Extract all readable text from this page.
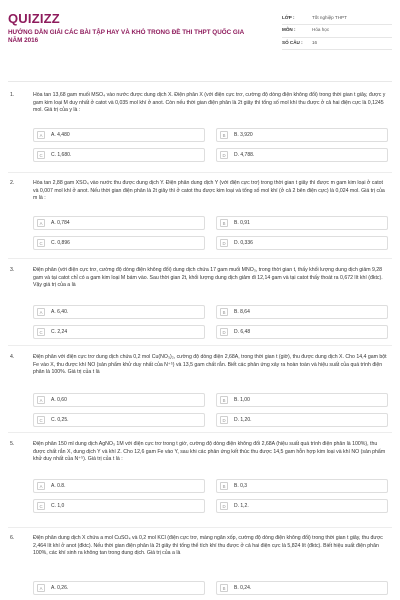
QUIZIZZ
HƯỚNG DẪN GIẢI CÁC BÀI TẬP HAY VÀ KHÓ TRONG ĐỀ THI THPT QUỐC GIA NĂM 2016
LỚP :	Tốt nghiệp THPT
MÔN :	Hóa học
SỐ CÂU :	16
1.	Hòa tan 13,68 gam muối MSO₄ vào nước được dung dịch X. Điện phân X (với điện cực trơ, cường độ dòng điện không đổi) trong thời gian t giây, được y gam kim loại M duy nhất ở catot và 0,035 mol khí ở anot. Còn nếu thời gian điện phân là 2t giây thì tổng số mol khí thu được ở cả hai điện cực là 0,1245 mol. Giá trị của y là :
A	A. 4,480	B	B. 3,920
C	C. 1,680.	D	D. 4,788.
2.	Hòa tan 2,88 gam XSO₄ vào nước thu được dung dịch Y. Điện phân dung dịch Y (với điện cực trơ) trong thời gian t giây thì được m gam kim loại ở catot và 0,007 mol khí ở anot. Nếu thời gian điện phân là 2t giây thì ở catot thu được kim loại và tổng số mol khí (ở cả 2 bên điện cực) là 0,024 mol. Giá trị của m là :
A	A. 0,784	B	B. 0,91
C	C. 0,896	D	D. 0,336
3.	Điện phân (với điện cực trơ, cường độ dòng điện không đổi) dung dịch chứa 17 gam muối MNO₃, trong thời gian t, thấy khối lượng dung dịch giảm 9,28 gam và tại catot chỉ có a gam kim loại M bám vào. Sau thời gian 2t, khối lượng dung dịch giảm đi 12,14 gam và tại catot thấy thoát ra 0,672 lít khí (đktc). Vậy giá trị của a là
A	A. 6,40.	B	B. 8,64
C	C. 2,24	D	D. 6,48
4.	Điện phân với điện cực trơ dung dịch chứa 0,2 mol Cu(NO₃)₂, cường độ dòng điện 2,68A, trong thời gian t (giờ), thu được dung dịch X. Cho 14,4 gam bột Fe vào X, thu được khí NO (sản phẩm khử duy nhất của N⁺⁵) và 13,5 gam chất rắn. Biết các phản ứng xảy ra hoàn toàn và hiệu suất của quá trình điện phân là 100%. Giá trị của t là
A	A. 0,60	B	B. 1,00
C	C. 0,25.	D	D. 1,20.
5.	Điện phân 150 ml dung dịch AgNO₃ 1M với điện cực trơ trong t giờ, cường độ dòng điện không đổi 2,68A (hiệu suất quá trình điện phân là 100%), thu được chất rắn X, dung dịch Y và khí Z. Cho 12,6 gam Fe vào Y, sau khi các phản ứng kết thúc thu được 14,5 gam hỗn hợp kim loại và khí NO (sản phẩm khử duy nhất của N⁺⁵). Giá trị của t là :
A	A. 0.8.	B	B. 0,3
C	C. 1,0	D	D. 1,2.
6.	Điện phân dung dịch X chứa a mol CuSO₄ và 0,2 mol KCl (điện cực trơ, màng ngăn xốp, cường độ dòng điện không đổi) trong thời gian t giây, thu được 2,464 lít khí ở anot (đktc). Nếu thời gian điện phân là 2t giây thì tổng thể tích khí thu được ở cả hai điện cực là 5,824 lít (đktc). Biết hiệu suất điện phân 100%, các khí sinh ra không tan trong dung dịch. Giá trị của a là
A	A. 0,26.	B	B. 0,24.
